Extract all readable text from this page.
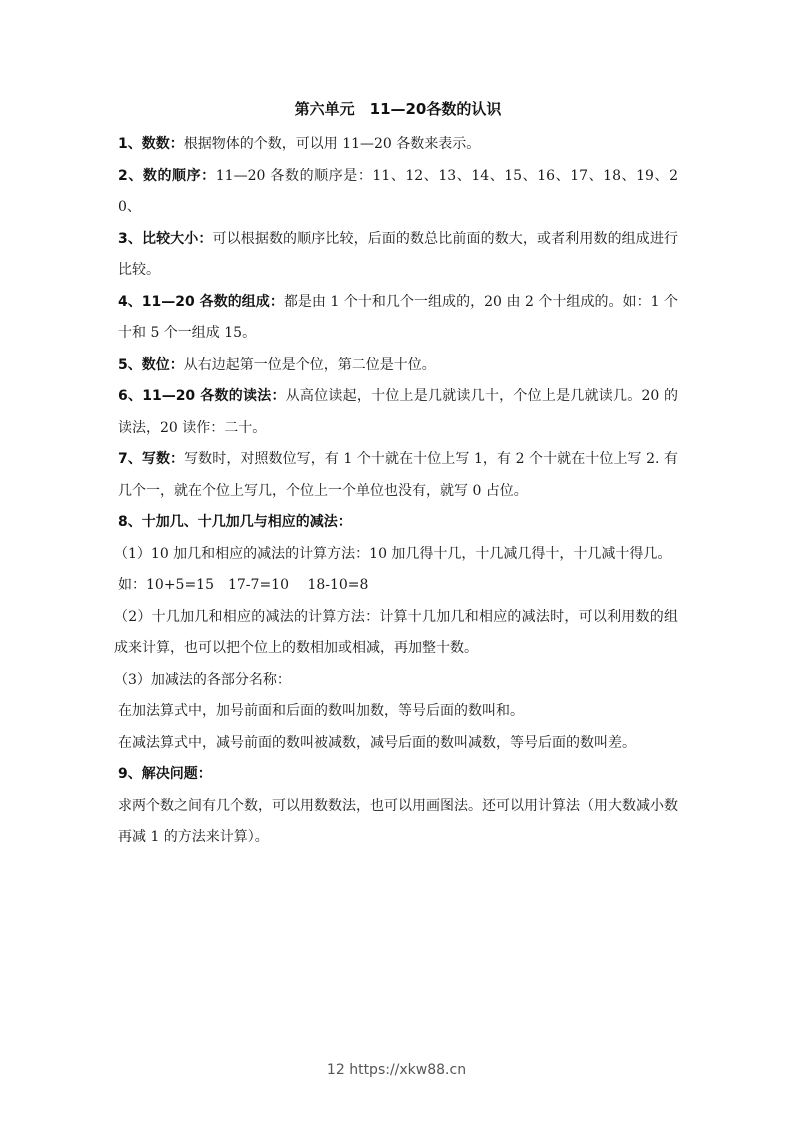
第六单元　11—20各数的认识

1、数数：根据物体的个数，可以用 11—20 各数来表示。

2、数的顺序：11—20 各数的顺序是：11、12、13、14、15、16、17、18、19、20、

3、比较大小：可以根据数的顺序比较，后面的数总比前面的数大，或者利用数的组成进行比较。

4、11—20 各数的组成：都是由 1 个十和几个一组成的，20 由 2 个十组成的。如：1 个十和 5 个一组成 15。

5、数位：从右边起第一位是个位，第二位是十位。

6、11—20 各数的读法：从高位读起，十位上是几就读几十，个位上是几就读几。20 的读法，20 读作：二十。

7、写数：写数时，对照数位写，有 1 个十就在十位上写 1，有 2 个十就在十位上写 2. 有几个一，就在个位上写几，个位上一个单位也没有，就写 0 占位。

8、十加几、十几加几与相应的减法：

（1）10 加几和相应的减法的计算方法：10 加几得十几，十几减几得十，十几减十得几。

如：10+5=15　17-7=10　 18-10=8

（2）十几加几和相应的减法的计算方法：计算十几加几和相应的减法时，可以利用数的组成来计算，也可以把个位上的数相加或相减，再加整十数。

（3）加减法的各部分名称：

在加法算式中，加号前面和后面的数叫加数，等号后面的数叫和。

在减法算式中，减号前面的数叫被减数，减号后面的数叫减数，等号后面的数叫差。

9、解决问题：

求两个数之间有几个数，可以用数数法，也可以用画图法。还可以用计算法（用大数减小数再减 1 的方法来计算）。

12 https://xkw88.cn
